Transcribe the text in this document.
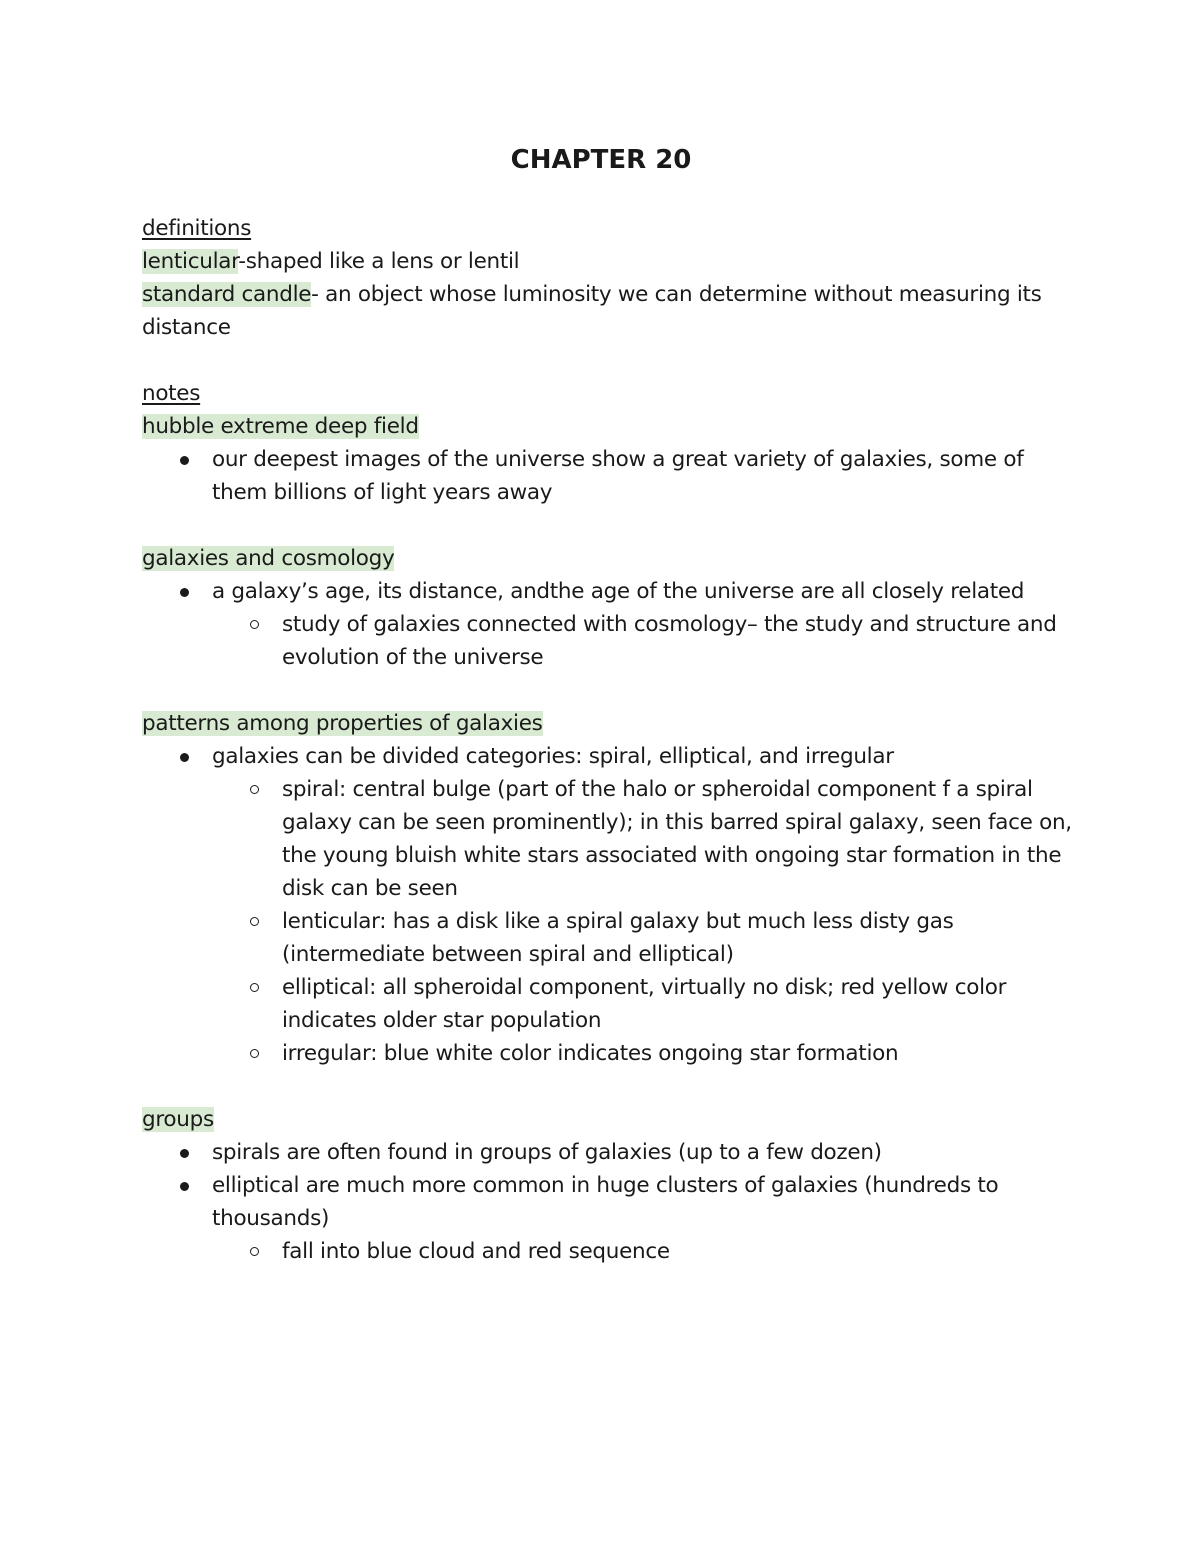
CHAPTER 20
definitions
lenticular-shaped like a lens or lentil
standard candle- an object whose luminosity we can determine without measuring its distance
notes
hubble extreme deep field
our deepest images of the universe show a great variety of galaxies, some of them billions of light years away
galaxies and cosmology
a galaxy’s age, its distance, andthe age of the universe are all closely related
study of galaxies connected with cosmology– the study and structure and evolution of the universe
patterns among properties of galaxies
galaxies can be divided categories: spiral, elliptical, and irregular
spiral: central bulge (part of the halo or spheroidal component f a spiral galaxy can be seen prominently); in this barred spiral galaxy, seen face on, the young bluish white stars associated with ongoing star formation in the disk can be seen
lenticular: has a disk like a spiral galaxy but much less disty gas (intermediate between spiral and elliptical)
elliptical: all spheroidal component, virtually no disk; red yellow color indicates older star population
irregular: blue white color indicates ongoing star formation
groups
spirals are often found in groups of galaxies (up to a few dozen)
elliptical are much more common in huge clusters of galaxies (hundreds to thousands)
fall into blue cloud and red sequence
